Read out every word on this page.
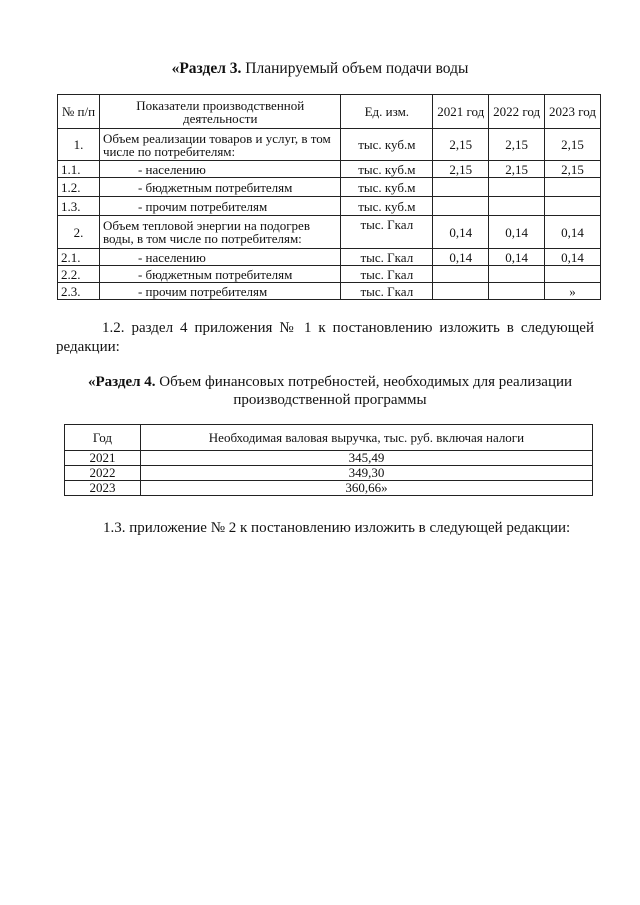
«Раздел 3. Планируемый объем подачи воды
№ п/п	Показатели производственной деятельности	Ед. изм.	2021 год	2022 год	2023 год
1.	Объем реализации товаров и услуг, в том числе по потребителям:	тыс. куб.м	2,15	2,15	2,15
1.1.	- населению	тыс. куб.м	2,15	2,15	2,15
1.2.	- бюджетным потребителям	тыс. куб.м			
1.3.	- прочим потребителям	тыс. куб.м			
2.	Объем тепловой энергии на подогрев воды, в том числе по потребителям:	тыс. Гкал	0,14	0,14	0,14
2.1.	- населению	тыс. Гкал	0,14	0,14	0,14
2.2.	- бюджетным потребителям	тыс. Гкал			
2.3.	- прочим потребителям	тыс. Гкал			»
1.2. раздел 4 приложения № 1 к постановлению изложить в следующей редакции:
«Раздел 4. Объем финансовых потребностей, необходимых для реализации производственной программы
Год	Необходимая валовая выручка, тыс. руб. включая налоги
2021	345,49
2022	349,30
2023	360,66»
1.3. приложение № 2 к постановлению изложить в следующей редакции:
